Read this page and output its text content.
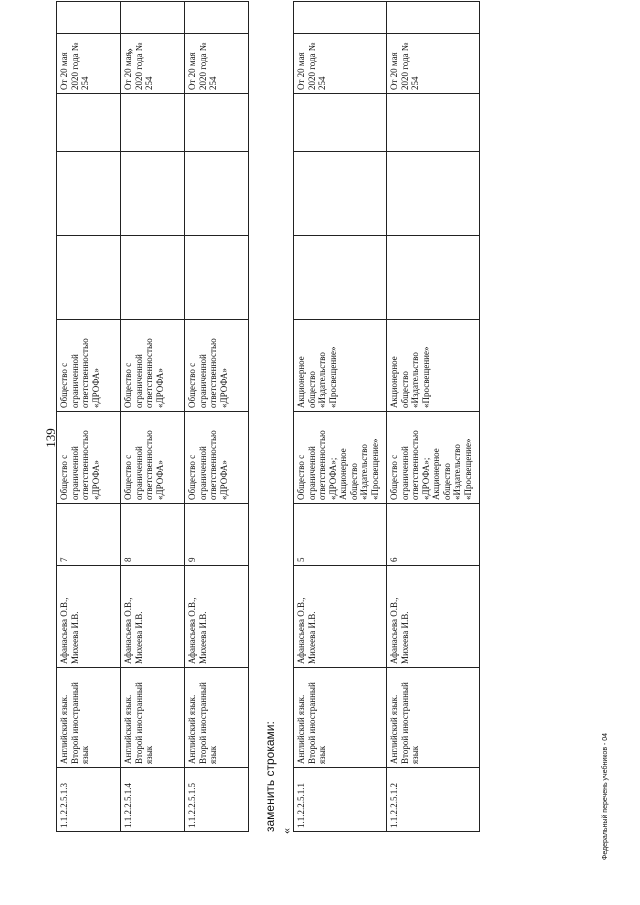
139
1.1.2.2.5.1.3	Английский язык. Второй иностранный язык	Афанасьева О.В., Михеева И.В.	7	Общество с ограниченной ответственностью «ДРОФА»	Общество с ограниченной ответственностью «ДРОФА»				От 20 мая 2020 года № 254	
1.1.2.2.5.1.4	Английский язык. Второй иностранный язык	Афанасьева О.В., Михеева И.В.	8	Общество с ограниченной ответственностью «ДРОФА»	Общество с ограниченной ответственностью «ДРОФА»				От 20 мая 2020 года № 254	
1.1.2.2.5.1.5	Английский язык. Второй иностранный язык	Афанасьева О.В., Михеева И.В.	9	Общество с ограниченной ответственностью «ДРОФА»	Общество с ограниченной ответственностью «ДРОФА»				От 20 мая 2020 года № 254	
заменить строками: «
1.1.2.2.5.1.1	Английский язык. Второй иностранный язык	Афанасьева О.В., Михеева И.В.	5	Общество с ограниченной ответственностью «ДРОФА»; Акционерное общество «Издательство «Просвещение»	Акционерное общество «Издательство «Просвещение»				От 20 мая 2020 года № 254	
1.1.2.2.5.1.2	Английский язык. Второй иностранный язык	Афанасьева О.В., Михеева И.В.	6	Общество с ограниченной ответственностью «ДРОФА»; Акционерное общество «Издательство «Просвещение»	Акционерное общество «Издательство «Просвещение»				От 20 мая 2020 года № 254	
»
Федеральный перечень учебников - 04
